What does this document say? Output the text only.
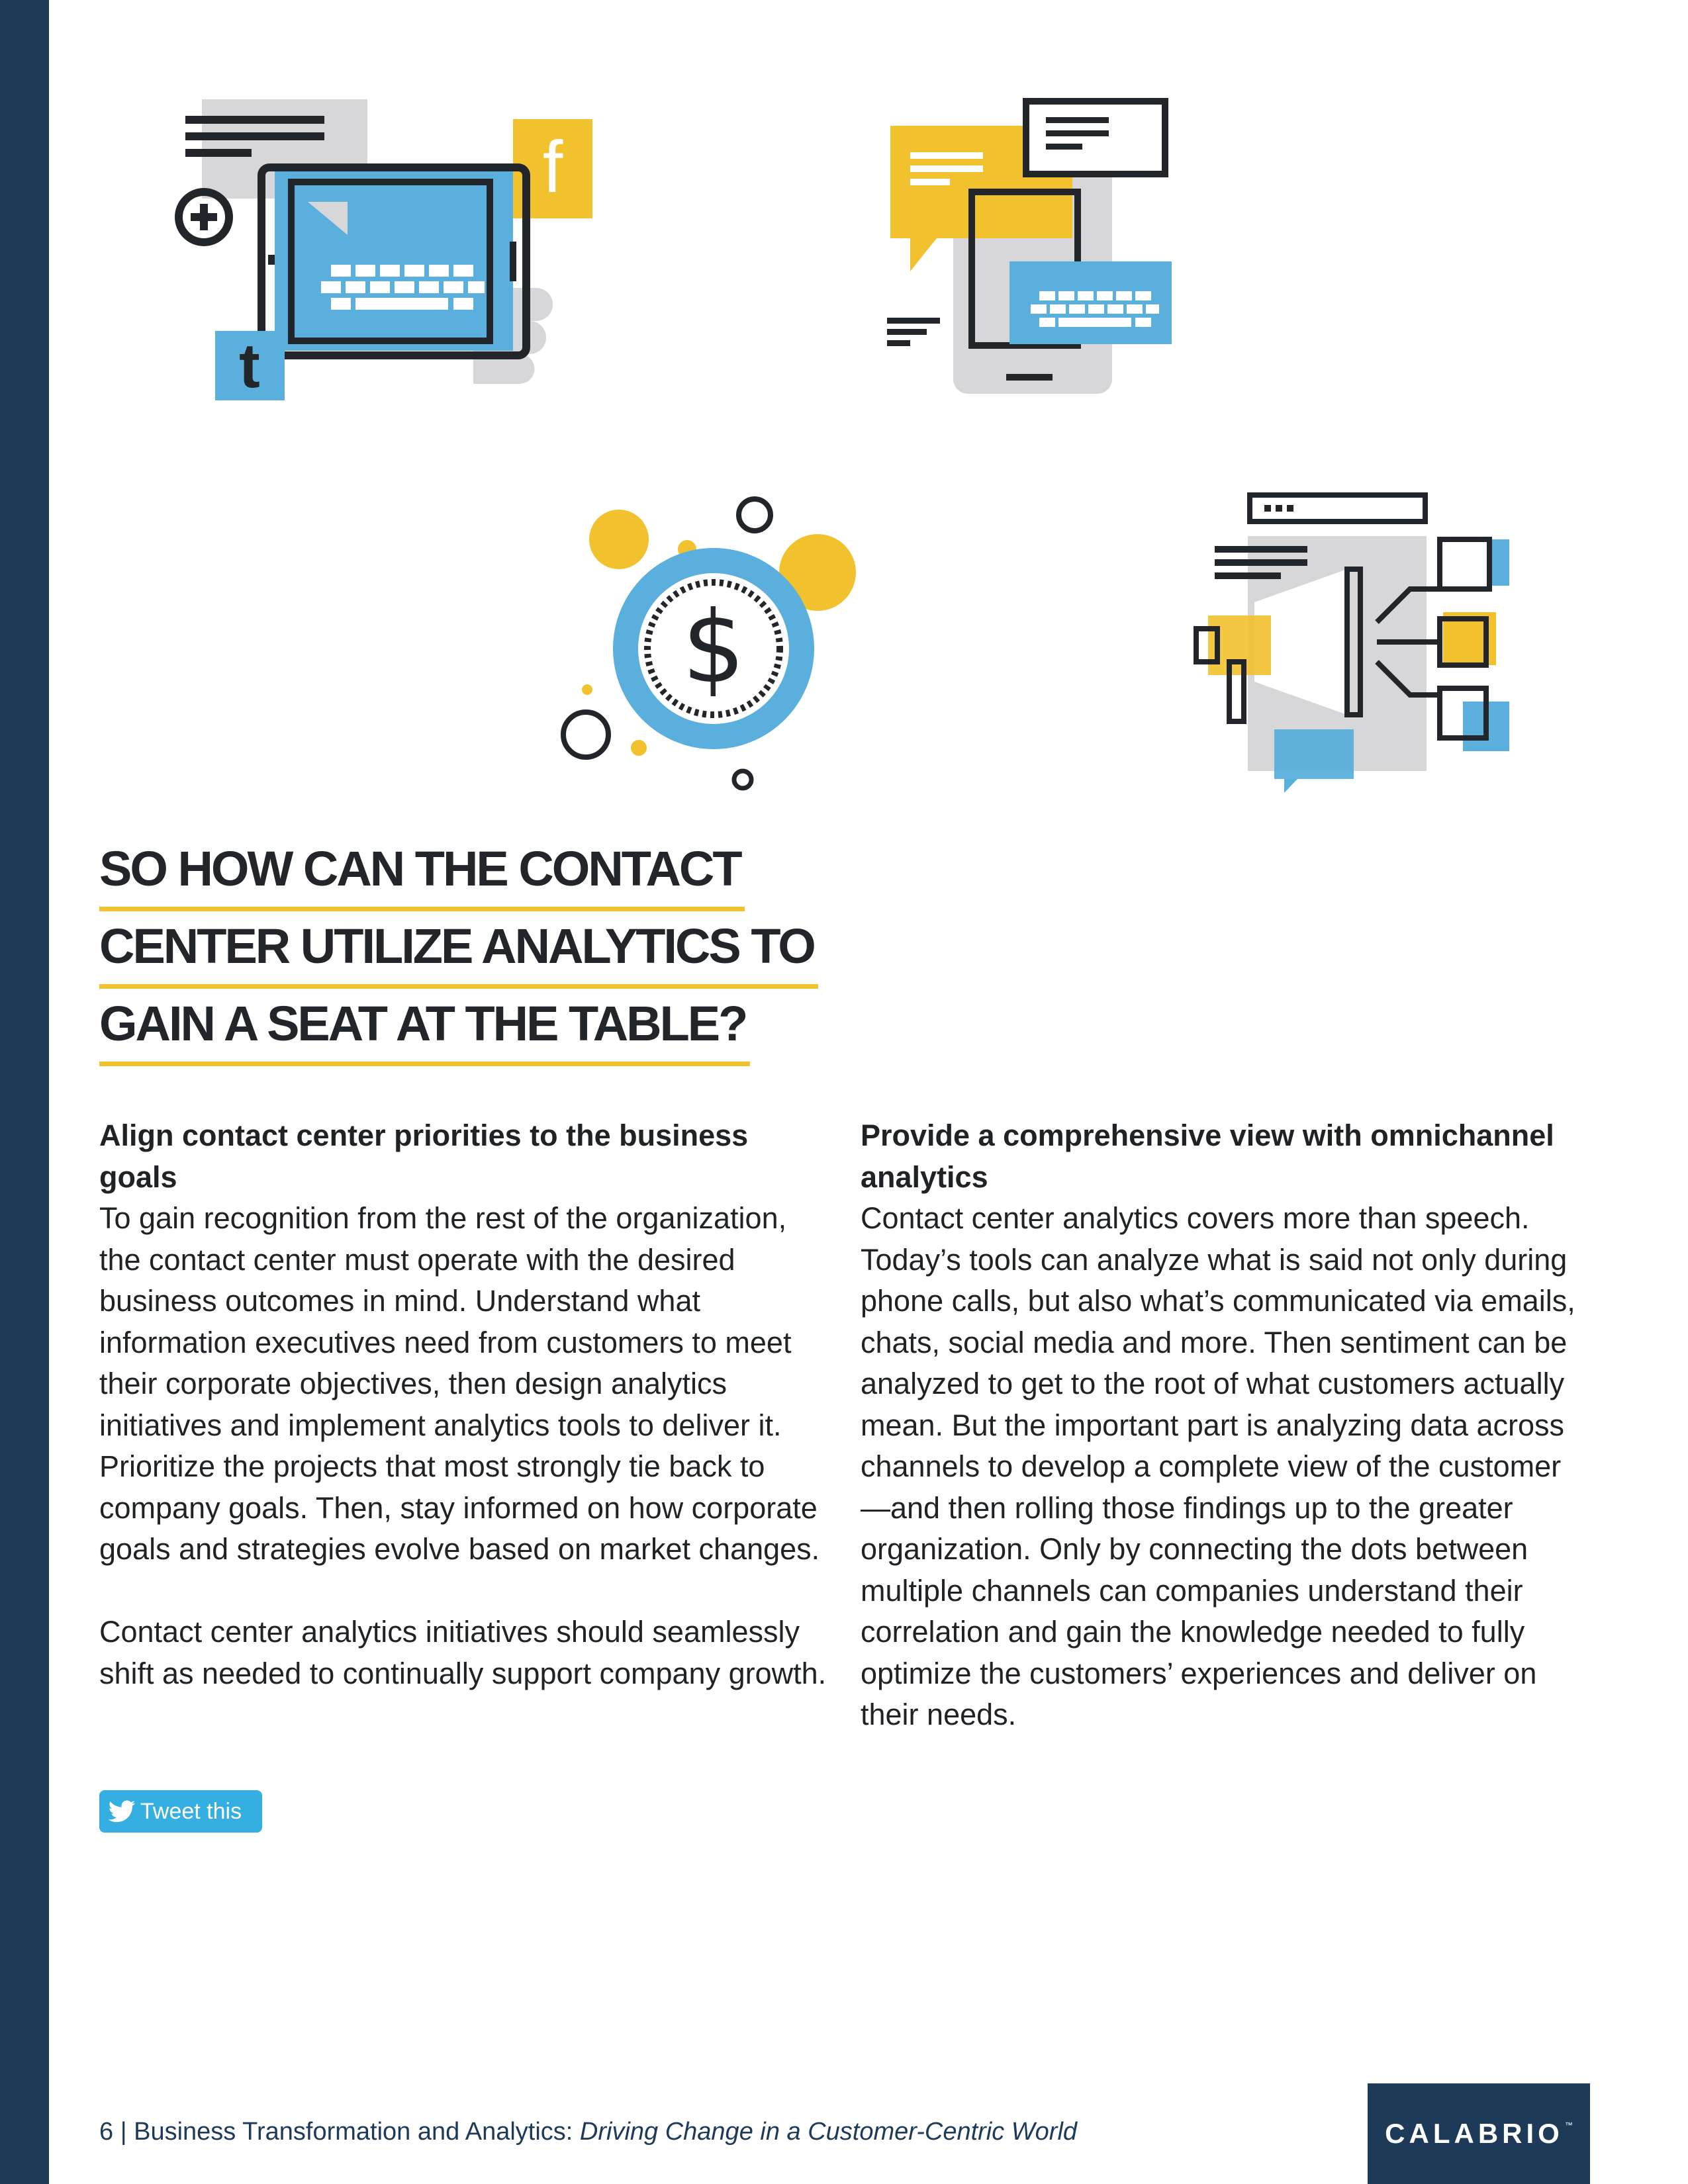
f
t
$
SO HOW CAN THE CONTACT
CENTER UTILIZE ANALYTICS TO
GAIN A SEAT AT THE TABLE?
Align contact center priorities to the business goals

To gain recognition from the rest of the organization, the contact center must operate with the desired business outcomes in mind. Understand what information executives need from customers to meet their corporate objectives, then design analytics initiatives and implement analytics tools to deliver it. Prioritize the projects that most strongly tie back to company goals. Then, stay informed on how corporate goals and strategies evolve based on market changes.

Contact center analytics initiatives should seamlessly shift as needed to continually support company growth.

Provide a comprehensive view with omnichannel analytics

Contact center analytics covers more than speech. Today’s tools can analyze what is said not only during phone calls, but also what’s communicated via emails, chats, social media and more. Then sentiment can be analyzed to get to the root of what customers actually mean. But the important part is analyzing data across channels to develop a complete view of the customer—and then rolling those findings up to the greater organization. Only by connecting the dots between multiple channels can companies understand their correlation and gain the knowledge needed to fully optimize the customers’ experiences and deliver on their needs.

Tweet this
6 | Business Transformation and Analytics: Driving Change in a Customer-Centric World	CALABRIO ™
